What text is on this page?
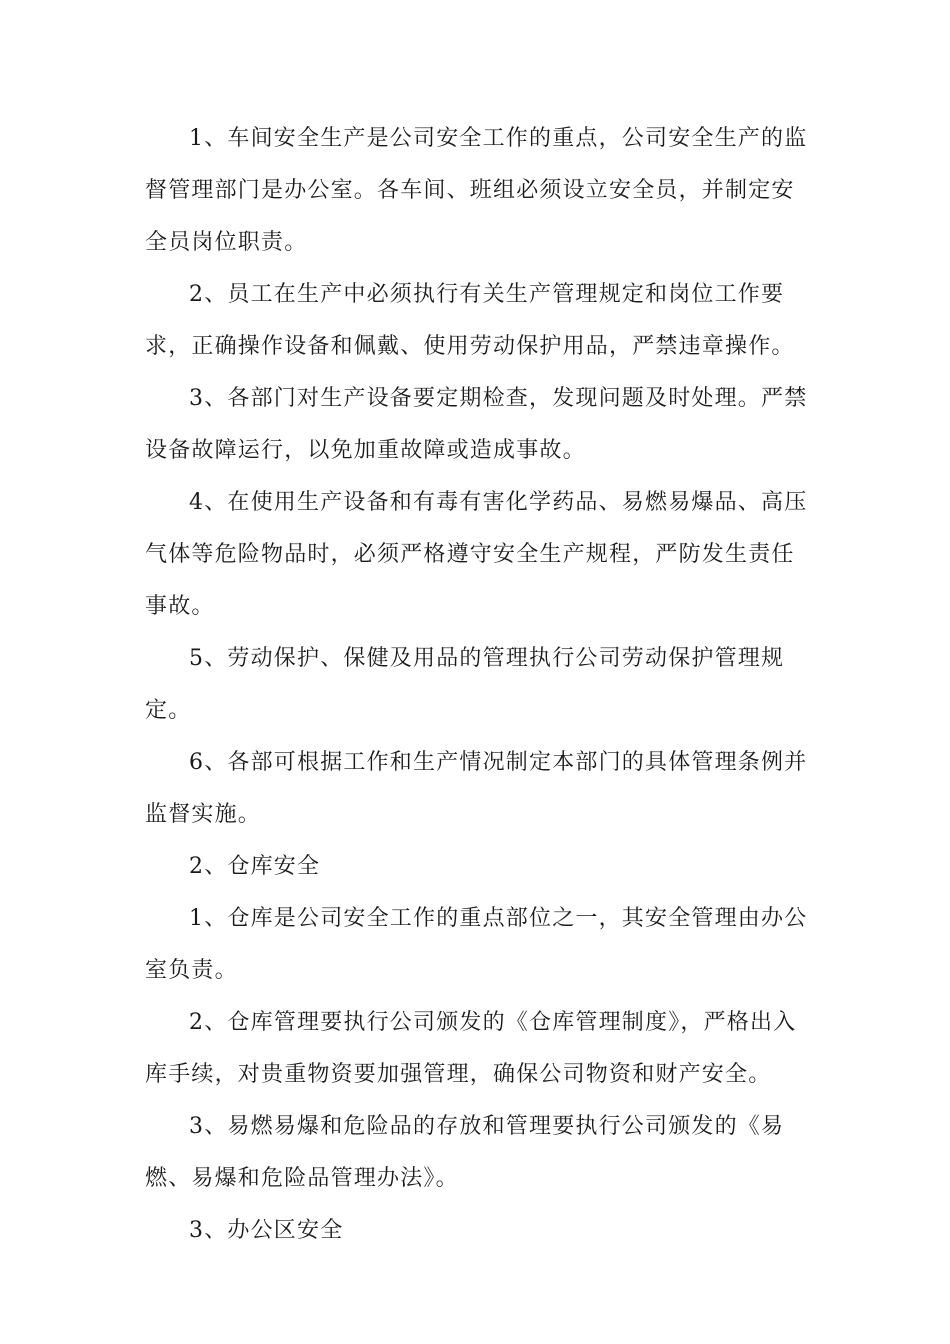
1、车间安全生产是公司安全工作的重点，公司安全生产的监督管理部门是办公室。各车间、班组必须设立安全员，并制定安全员岗位职责。

2、员工在生产中必须执行有关生产管理规定和岗位工作要求，正确操作设备和佩戴、使用劳动保护用品，严禁违章操作。

3、各部门对生产设备要定期检查，发现问题及时处理。严禁设备故障运行，以免加重故障或造成事故。

4、在使用生产设备和有毒有害化学药品、易燃易爆品、高压气体等危险物品时，必须严格遵守安全生产规程，严防发生责任事故。

5、劳动保护、保健及用品的管理执行公司劳动保护管理规定。

6、各部可根据工作和生产情况制定本部门的具体管理条例并监督实施。

2、仓库安全

1、仓库是公司安全工作的重点部位之一，其安全管理由办公室负责。

2、仓库管理要执行公司颁发的《仓库管理制度》，严格出入库手续，对贵重物资要加强管理，确保公司物资和财产安全。

3、易燃易爆和危险品的存放和管理要执行公司颁发的《易燃、易爆和危险品管理办法》。

3、办公区安全
